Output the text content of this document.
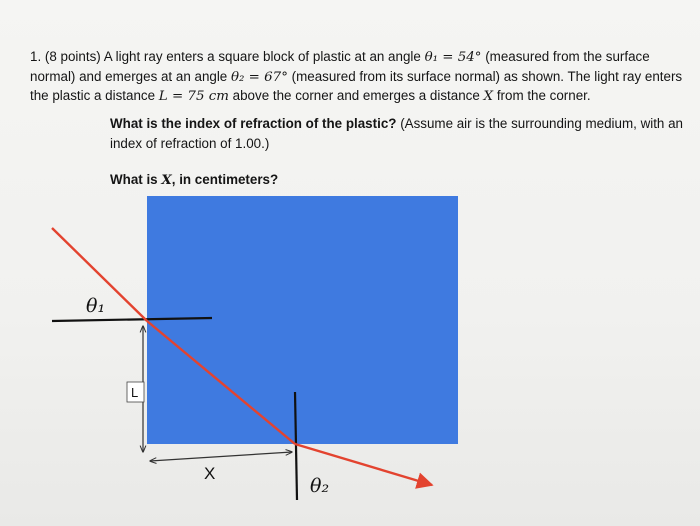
1. (8 points) A light ray enters a square block of plastic at an angle θ₁ = 54° (measured from the surface normal) and emerges at an angle θ₂ = 67° (measured from its surface normal) as shown. The light ray enters the plastic a distance L = 75 cm above the corner and emerges a distance X from the corner.
What is the index of refraction of the plastic? (Assume air is the surrounding medium, with an index of refraction of 1.00.)
What is X, in centimeters?
L
X
θ₁
θ₂
